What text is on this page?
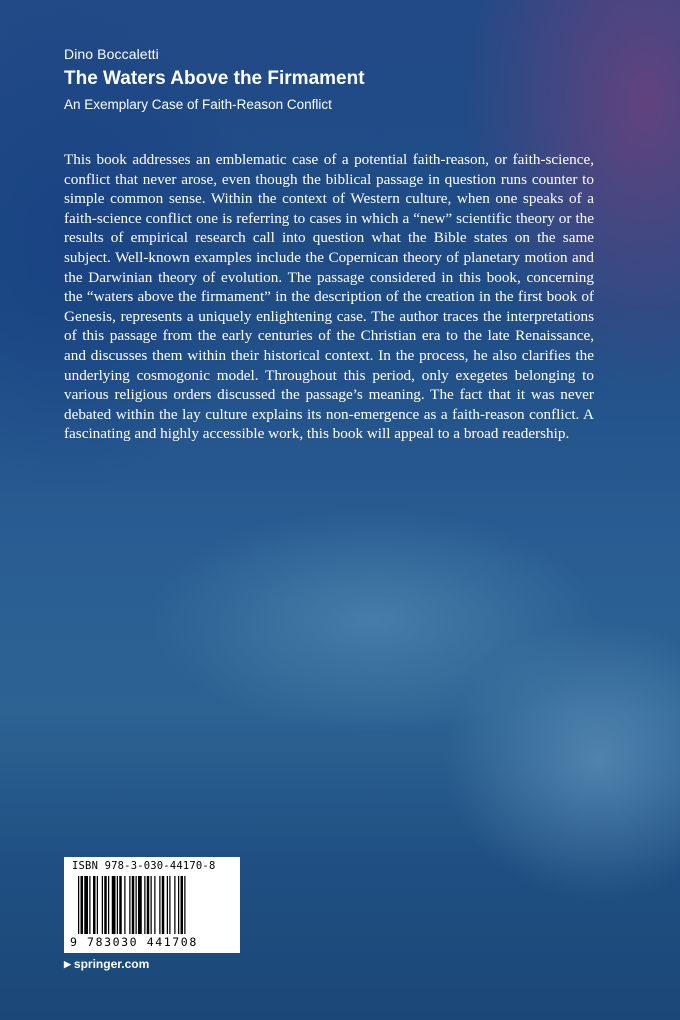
Dino Boccaletti
The Waters Above the Firmament
An Exemplary Case of Faith-Reason Conflict
This book addresses an emblematic case of a potential faith-reason, or faith-science, conflict that never arose, even though the biblical passage in question runs counter to simple common sense. Within the context of Western culture, when one speaks of a faith-science conflict one is referring to cases in which a “new” scientific theory or the results of empirical research call into question what the Bible states on the same subject. Well-known examples include the Copernican theory of planetary motion and the Darwinian theory of evolution. The passage considered in this book, concerning the “waters above the firmament” in the description of the creation in the first book of Genesis, represents a uniquely enlightening case. The author traces the interpretations of this passage from the early centuries of the Christian era to the late Renaissance, and discusses them within their historical context. In the process, he also clarifies the underlying cosmogonic model. Throughout this period, only exegetes belonging to various religious orders discussed the passage’s meaning. The fact that it was never debated within the lay culture explains its non-emergence as a faith-reason conflict. A fascinating and highly accessible work, this book will appeal to a broad readership.
ISBN 978-3-030-44170-8
9 783030 441708
▶ springer.com
